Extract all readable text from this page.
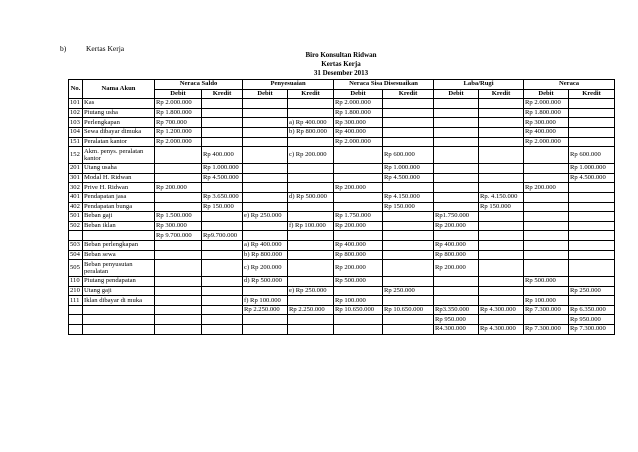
b)	Kertas Kerja
Biro Konsultan Ridwan
Kertas Kerja
31 Desember 2013
No.	Nama Akun	Neraca Saldo		Penyesuaian		Neraca Sisa Disesuaikan		Laba/Rugi		Neraca	
		Debit	Kredit	Debit	Kredit	Debit	Kredit	Debit	Kredit	Debit	Kredit
101	Kas	Rp 2.000.000				Rp 2.000.000				Rp 2.000.000	
102	Piutang usha	Rp 1.800.000				Rp 1.800.000				Rp 1.800.000	
103	Perlengkapan	Rp 700.000			a) Rp 400.000	Rp 300.000				Rp 300.000	
104	Sewa dibayar dimuka	Rp 1.200.000			b) Rp 800.000	Rp 400.000				Rp 400.000	
151	Peralatan kantor	Rp 2.000.000				Rp 2.000.000				Rp 2.000.000	
152	Akm. penys. peralatan kantor		Rp 400.000		c) Rp 200.000		Rp 600.000				Rp 600.000
201	Utang usaha		Rp 1.000.000				Rp 1.000.000				Rp 1.000.000
301	Modal H. Ridwan		Rp 4.500.000				Rp 4.500.000				Rp 4.500.000
302	Prive H. Ridwan	Rp 200.000				Rp 200.000				Rp 200.000	
401	Pendapatan jasa		Rp 3.650.000		d) Rp 500.000		Rp 4.150.000		Rp. 4.150.000		
402	Pendapatan bunga		Rp 150.000				Rp 150.000		Rp 150.000		
501	Beban gaji	Rp 1.500.000		e) Rp 250.000		Rp 1.750.000		Rp1.750.000			
502	Beban iklan	Rp 300.000			f) Rp 100.000	Rp 200.000		Rp 200.000			
		Rp 9.700.000	Rp9.700.000								
503	Beban perlengkapan			a) Rp 400.000		Rp 400.000		Rp 400.000			
504	Beban sewa			b) Rp 800.000		Rp 800.000		Rp 800.000			
505	Beban penyusutan peralatan			c) Rp 200.000		Rp 200.000		Rp 200.000			
110	Piutang pendapatan			d) Rp 500.000		Rp 500.000				Rp 500.000	
210	Utang gaji				e) Rp 250.000		Rp 250.000				Rp 250.000
111	Iklan dibayar di muka			f) Rp 100.000		Rp 100.000				Rp 100.000	
				Rp 2.250.000	Rp 2.250.000	Rp 10.650.000	Rp 10.650.000	Rp3.350.000	Rp 4.300.000	Rp 7.300.000	Rp 6.350.000
								Rp 950.000			Rp 950.000
								R4.300.000	Rp 4.300.000	Rp 7.300.000	Rp 7.300.000
